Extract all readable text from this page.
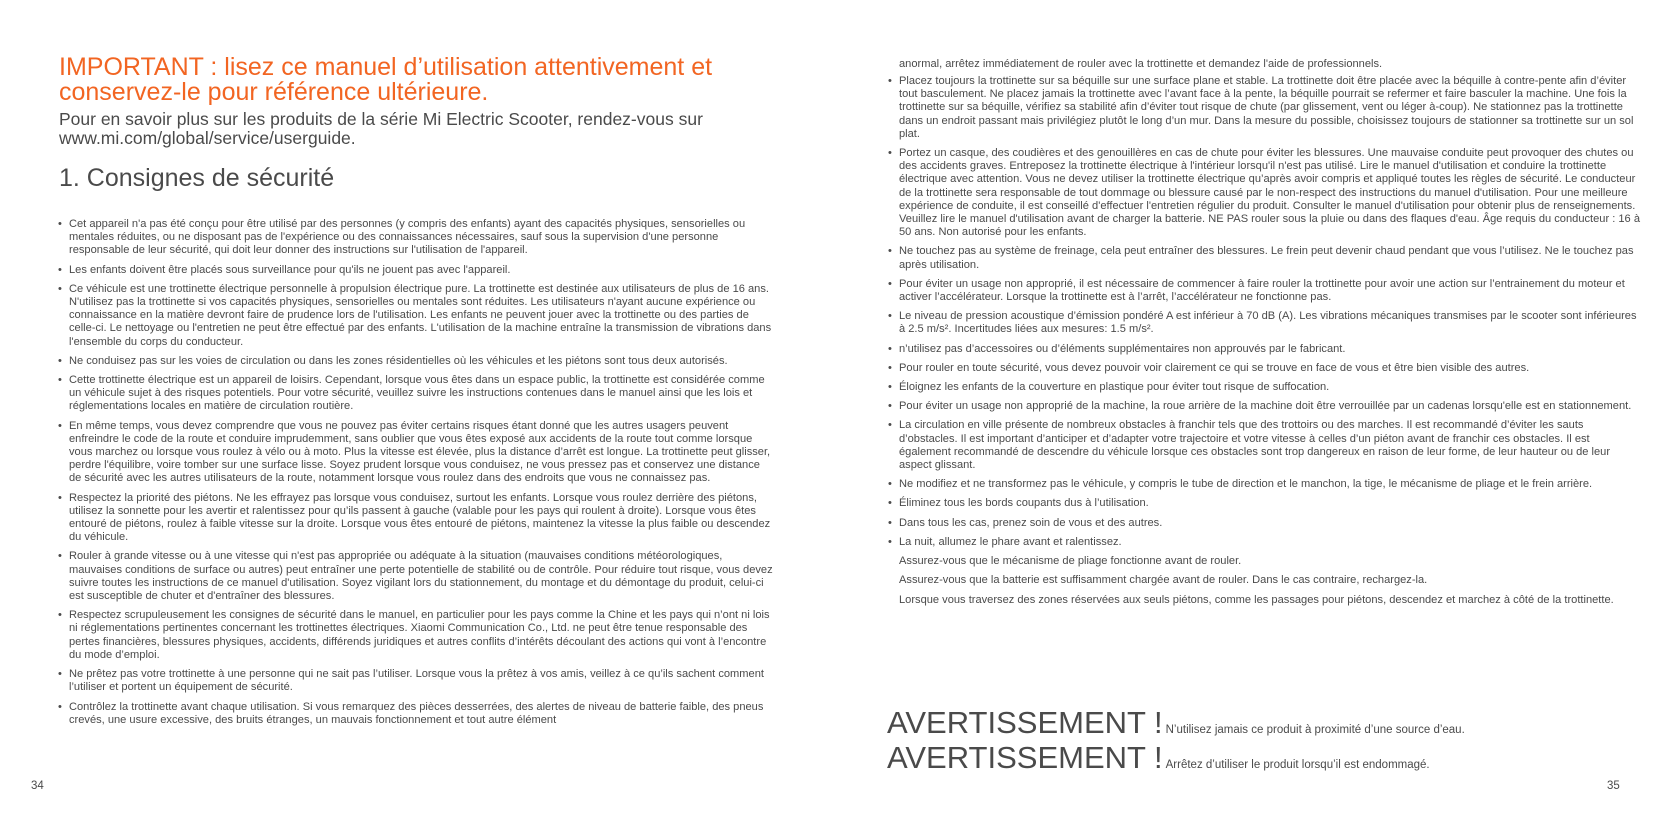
IMPORTANT : lisez ce manuel d’utilisation attentivement et conservez-le pour référence ultérieure.

Pour en savoir plus sur les produits de la série Mi Electric Scooter, rendez-vous sur www.mi.com/global/service/userguide.

1. Consignes de sécurité
• Cet appareil n'a pas été conçu pour être utilisé par des personnes (y compris des enfants) ayant des capacités physiques, sensorielles ou mentales réduites, ou ne disposant pas de l'expérience ou des connaissances nécessaires, sauf sous la supervision d'une personne responsable de leur sécurité, qui doit leur donner des instructions sur l'utilisation de l'appareil.
• Les enfants doivent être placés sous surveillance pour qu'ils ne jouent pas avec l'appareil.
• Ce véhicule est une trottinette électrique personnelle à propulsion électrique pure. La trottinette est destinée aux utilisateurs de plus de 16 ans. N'utilisez pas la trottinette si vos capacités physiques, sensorielles ou mentales sont réduites. Les utilisateurs n'ayant aucune expérience ou connaissance en la matière devront faire de prudence lors de l'utilisation. Les enfants ne peuvent jouer avec la trottinette ou des parties de celle-ci. Le nettoyage ou l'entretien ne peut être effectué par des enfants. L'utilisation de la machine entraîne la transmission de vibrations dans l'ensemble du corps du conducteur.
• Ne conduisez pas sur les voies de circulation ou dans les zones résidentielles où les véhicules et les piétons sont tous deux autorisés.
• Cette trottinette électrique est un appareil de loisirs. Cependant, lorsque vous êtes dans un espace public, la trottinette est considérée comme un véhicule sujet à des risques potentiels. Pour votre sécurité, veuillez suivre les instructions contenues dans le manuel ainsi que les lois et réglementations locales en matière de circulation routière.
• En même temps, vous devez comprendre que vous ne pouvez pas éviter certains risques étant donné que les autres usagers peuvent enfreindre le code de la route et conduire imprudemment, sans oublier que vous êtes exposé aux accidents de la route tout comme lorsque vous marchez ou lorsque vous roulez à vélo ou à moto. Plus la vitesse est élevée, plus la distance d’arrêt est longue. La trottinette peut glisser, perdre l'équilibre, voire tomber sur une surface lisse. Soyez prudent lorsque vous conduisez, ne vous pressez pas et conservez une distance de sécurité avec les autres utilisateurs de la route, notamment lorsque vous roulez dans des endroits que vous ne connaissez pas.
• Respectez la priorité des piétons. Ne les effrayez pas lorsque vous conduisez, surtout les enfants. Lorsque vous roulez derrière des piétons, utilisez la sonnette pour les avertir et ralentissez pour qu’ils passent à gauche (valable pour les pays qui roulent à droite). Lorsque vous êtes entouré de piétons, roulez à faible vitesse sur la droite. Lorsque vous êtes entouré de piétons, maintenez la vitesse la plus faible ou descendez du véhicule.
• Rouler à grande vitesse ou à une vitesse qui n'est pas appropriée ou adéquate à la situation (mauvaises conditions météorologiques, mauvaises conditions de surface ou autres) peut entraîner une perte potentielle de stabilité ou de contrôle. Pour réduire tout risque, vous devez suivre toutes les instructions de ce manuel d'utilisation. Soyez vigilant lors du stationnement, du montage et du démontage du produit, celui-ci est susceptible de chuter et d'entraîner des blessures.
• Respectez scrupuleusement les consignes de sécurité dans le manuel, en particulier pour les pays comme la Chine et les pays qui n’ont ni lois ni réglementations pertinentes concernant les trottinettes électriques. Xiaomi Communication Co., Ltd. ne peut être tenue responsable des pertes financières, blessures physiques, accidents, différends juridiques et autres conflits d’intérêts découlant des actions qui vont à l’encontre du mode d’emploi.
• Ne prêtez pas votre trottinette à une personne qui ne sait pas l’utiliser. Lorsque vous la prêtez à vos amis, veillez à ce qu’ils sachent comment l’utiliser et portent un équipement de sécurité.
• Contrôlez la trottinette avant chaque utilisation. Si vous remarquez des pièces desserrées, des alertes de niveau de batterie faible, des pneus crevés, une usure excessive, des bruits étranges, un mauvais fonctionnement et tout autre élément
34

anormal, arrêtez immédiatement de rouler avec la trottinette et demandez l'aide de professionnels.

• Placez toujours la trottinette sur sa béquille sur une surface plane et stable. La trottinette doit être placée avec la béquille à contre-pente afin d’éviter tout basculement. Ne placez jamais la trottinette avec l’avant face à la pente, la béquille pourrait se refermer et faire basculer la machine. Une fois la trottinette sur sa béquille, vérifiez sa stabilité afin d’éviter tout risque de chute (par glissement, vent ou léger à-coup). Ne stationnez pas la trottinette dans un endroit passant mais privilégiez plutôt le long d’un mur. Dans la mesure du possible, choisissez toujours de stationner sa trottinette sur un sol plat.
• Portez un casque, des coudières et des genouillères en cas de chute pour éviter les blessures. Une mauvaise conduite peut provoquer des chutes ou des accidents graves. Entreposez la trottinette électrique à l'intérieur lorsqu'il n'est pas utilisé. Lire le manuel d'utilisation et conduire la trottinette électrique avec attention. Vous ne devez utiliser la trottinette électrique qu’après avoir compris et appliqué toutes les règles de sécurité. Le conducteur de la trottinette sera responsable de tout dommage ou blessure causé par le non-respect des instructions du manuel d'utilisation. Pour une meilleure expérience de conduite, il est conseillé d'effectuer l'entretien régulier du produit. Consulter le manuel d'utilisation pour obtenir plus de renseignements. Veuillez lire le manuel d'utilisation avant de charger la batterie. NE PAS rouler sous la pluie ou dans des flaques d'eau. Âge requis du conducteur : 16 à 50 ans. Non autorisé pour les enfants.
• Ne touchez pas au système de freinage, cela peut entraîner des blessures. Le frein peut devenir chaud pendant que vous l’utilisez. Ne le touchez pas après utilisation.
• Pour éviter un usage non approprié, il est nécessaire de commencer à faire rouler la trottinette pour avoir une action sur l’entrainement du moteur et activer l’accélérateur. Lorsque la trottinette est à l’arrêt, l’accélérateur ne fonctionne pas.
• Le niveau de pression acoustique d’émission pondéré A est inférieur à 70 dB (A). Les vibrations mécaniques transmises par le scooter sont inférieures à 2.5 m/s². Incertitudes liées aux mesures: 1.5 m/s².
• n’utilisez pas d’accessoires ou d’éléments supplémentaires non approuvés par le fabricant.
• Pour rouler en toute sécurité, vous devez pouvoir voir clairement ce qui se trouve en face de vous et être bien visible des autres.
• Éloignez les enfants de la couverture en plastique pour éviter tout risque de suffocation.
• Pour éviter un usage non approprié de la machine, la roue arrière de la machine doit être verrouillée par un cadenas lorsqu'elle est en stationnement.
• La circulation en ville présente de nombreux obstacles à franchir tels que des trottoirs ou des marches. Il est recommandé d’éviter les sauts d’obstacles. Il est important d’anticiper et d’adapter votre trajectoire et votre vitesse à celles d’un piéton avant de franchir ces obstacles. Il est également recommandé de descendre du véhicule lorsque ces obstacles sont trop dangereux en raison de leur forme, de leur hauteur ou de leur aspect glissant.
• Ne modifiez et ne transformez pas le véhicule, y compris le tube de direction et le manchon, la tige, le mécanisme de pliage et le frein arrière.
• Éliminez tous les bords coupants dus à l’utilisation.
• Dans tous les cas, prenez soin de vous et des autres.
• La nuit, allumez le phare avant et ralentissez.
Assurez-vous que le mécanisme de pliage fonctionne avant de rouler.
Assurez-vous que la batterie est suffisamment chargée avant de rouler. Dans le cas contraire, rechargez-la.
Lorsque vous traversez des zones réservées aux seuls piétons, comme les passages pour piétons, descendez et marchez à côté de la trottinette.
AVERTISSEMENT ! N’utilisez jamais ce produit à proximité d’une source d’eau.
AVERTISSEMENT ! Arrêtez d’utiliser le produit lorsqu’il est endommagé.
35
